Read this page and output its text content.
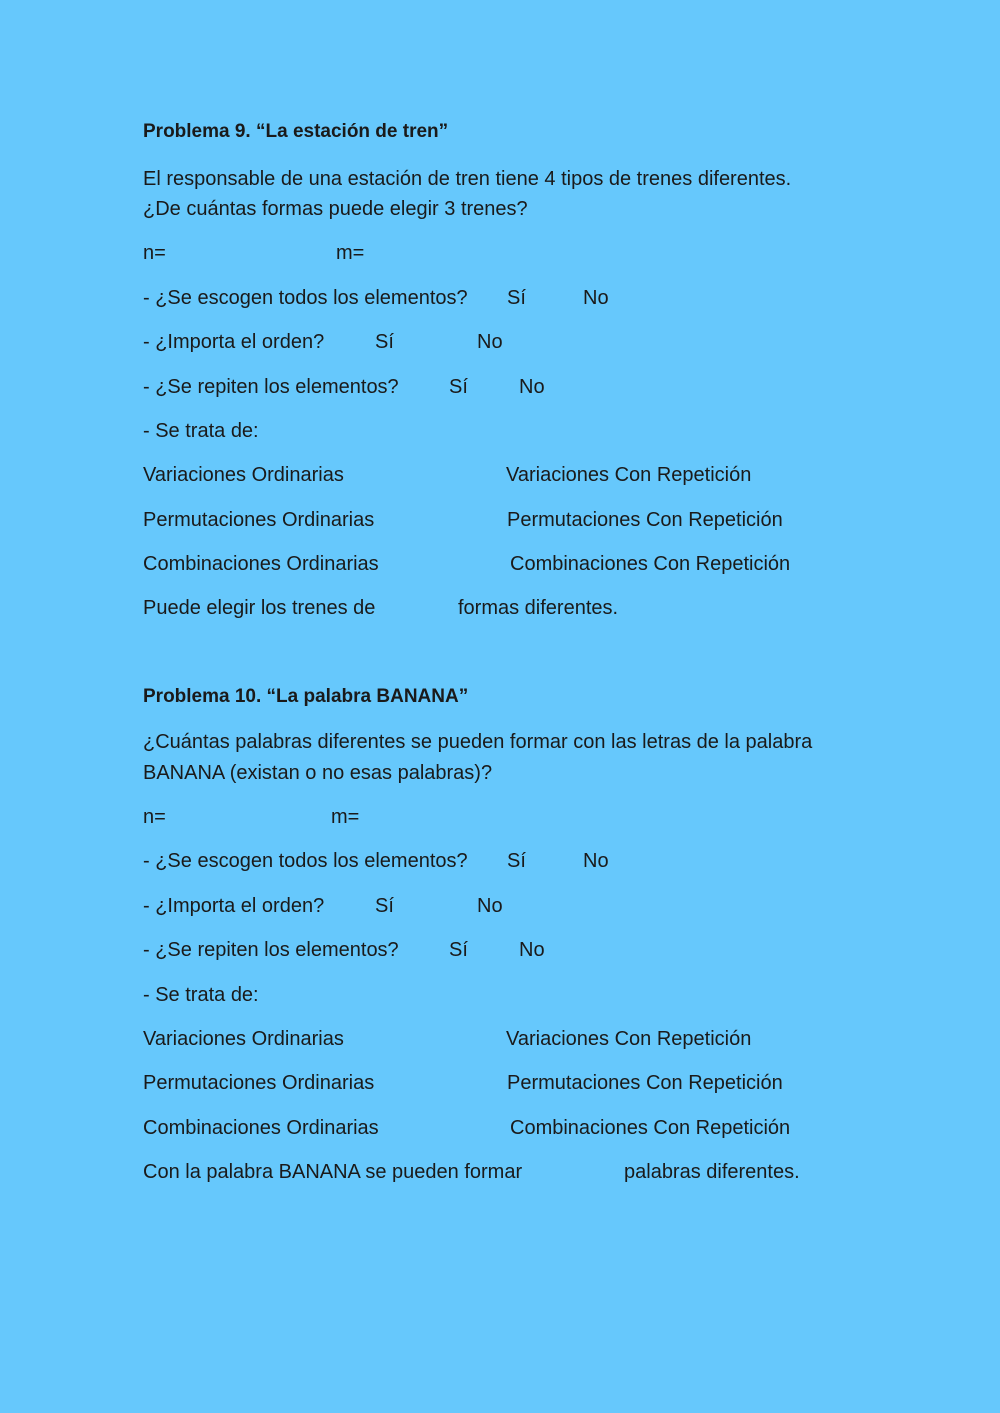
Problema 9. “La estación de tren”
El responsable de una estación de tren tiene 4 tipos de trenes diferentes.
¿De cuántas formas puede elegir 3 trenes?
n=	m=
- ¿Se escogen todos los elementos? Sí	No
- ¿Importa el orden?	Sí	No
- ¿Se repiten los elementos?	Sí	No
- Se trata de:
Variaciones Ordinarias	Variaciones Con Repetición
Permutaciones Ordinarias	Permutaciones Con Repetición
Combinaciones Ordinarias	Combinaciones Con Repetición
Puede elegir los trenes de	formas diferentes.
Problema 10. “La palabra BANANA”
¿Cuántas palabras diferentes se pueden formar con las letras de la palabra
BANANA (existan o no esas palabras)?
n=	m=
- ¿Se escogen todos los elementos? Sí	No
- ¿Importa el orden?	Sí	No
- ¿Se repiten los elementos?	Sí	No
- Se trata de:
Variaciones Ordinarias	Variaciones Con Repetición
Permutaciones Ordinarias	Permutaciones Con Repetición
Combinaciones Ordinarias	Combinaciones Con Repetición
Con la palabra BANANA se pueden formar	palabras diferentes.
